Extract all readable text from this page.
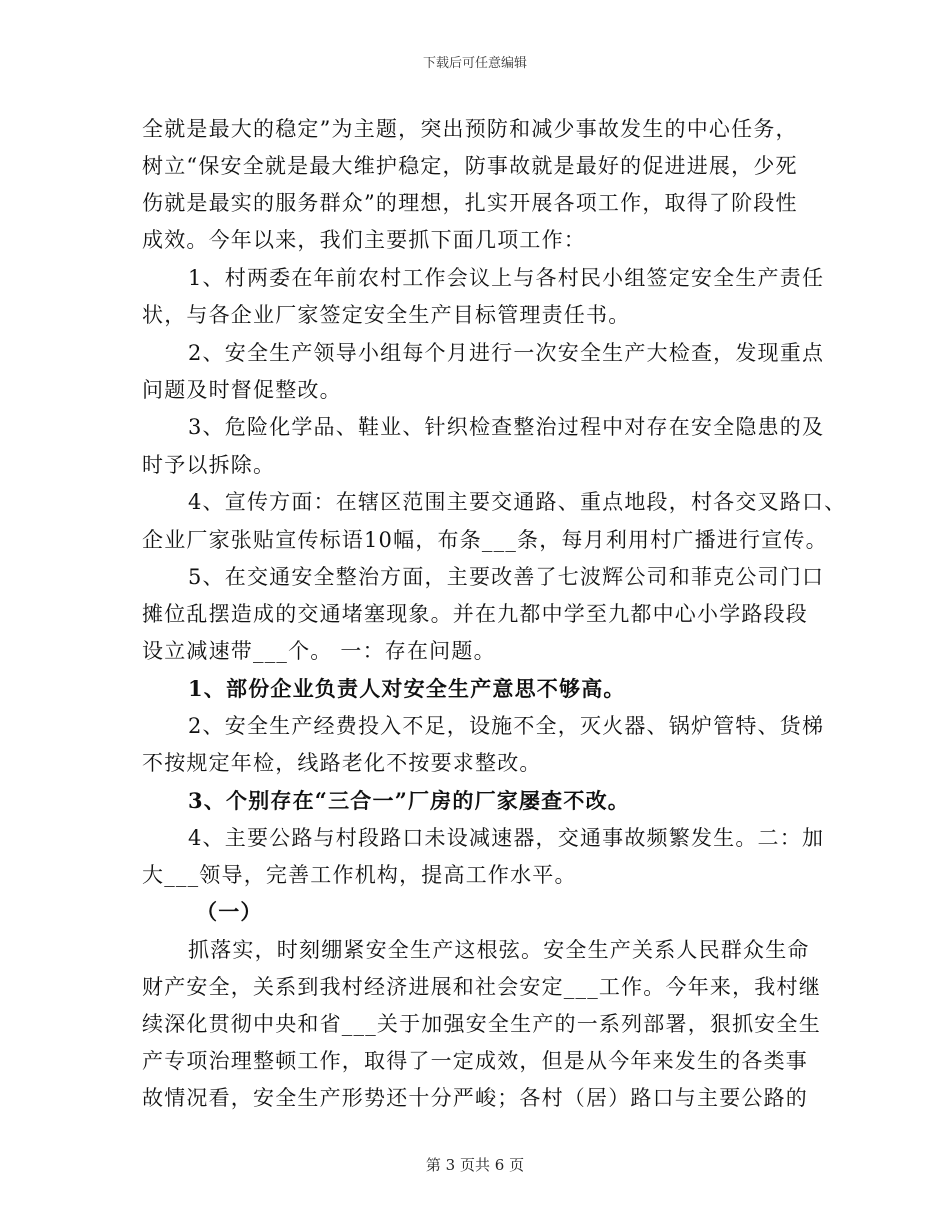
下载后可任意编辑
全就是最大的稳定”为主题，突出预防和减少事故发生的中心任务，
树立“保安全就是最大维护稳定，防事故就是最好的促进进展，少死
伤就是最实的服务群众”的理想，扎实开展各项工作，取得了阶段性
成效。今年以来，我们主要抓下面几项工作：
1、村两委在年前农村工作会议上与各村民小组签定安全生产责任
状，与各企业厂家签定安全生产目标管理责任书。
2、安全生产领导小组每个月进行一次安全生产大检查，发现重点
问题及时督促整改。
3、危险化学品、鞋业、针织检查整治过程中对存在安全隐患的及
时予以拆除。
4、宣传方面：在辖区范围主要交通路、重点地段，村各交叉路口、
企业厂家张贴宣传标语10幅，布条___条，每月利用村广播进行宣传。
5、在交通安全整治方面，主要改善了七波辉公司和菲克公司门口
摊位乱摆造成的交通堵塞现象。并在九都中学至九都中心小学路段段
设立减速带___个。 一：存在问题。
1、部份企业负责人对安全生产意思不够高。
2、安全生产经费投入不足，设施不全，灭火器、锅炉管特、货梯
不按规定年检，线路老化不按要求整改。
3、个别存在“三合一”厂房的厂家屡查不改。
4、主要公路与村段路口未设减速器，交通事故频繁发生。二：加
大___领导，完善工作机构，提高工作水平。
（一）
抓落实，时刻绷紧安全生产这根弦。安全生产关系人民群众生命
财产安全，关系到我村经济进展和社会安定___工作。今年来，我村继
续深化贯彻中央和省___关于加强安全生产的一系列部署，狠抓安全生
产专项治理整顿工作，取得了一定成效，但是从今年来发生的各类事
故情况看，安全生产形势还十分严峻；各村（居）路口与主要公路的
第 3 页共 6 页
